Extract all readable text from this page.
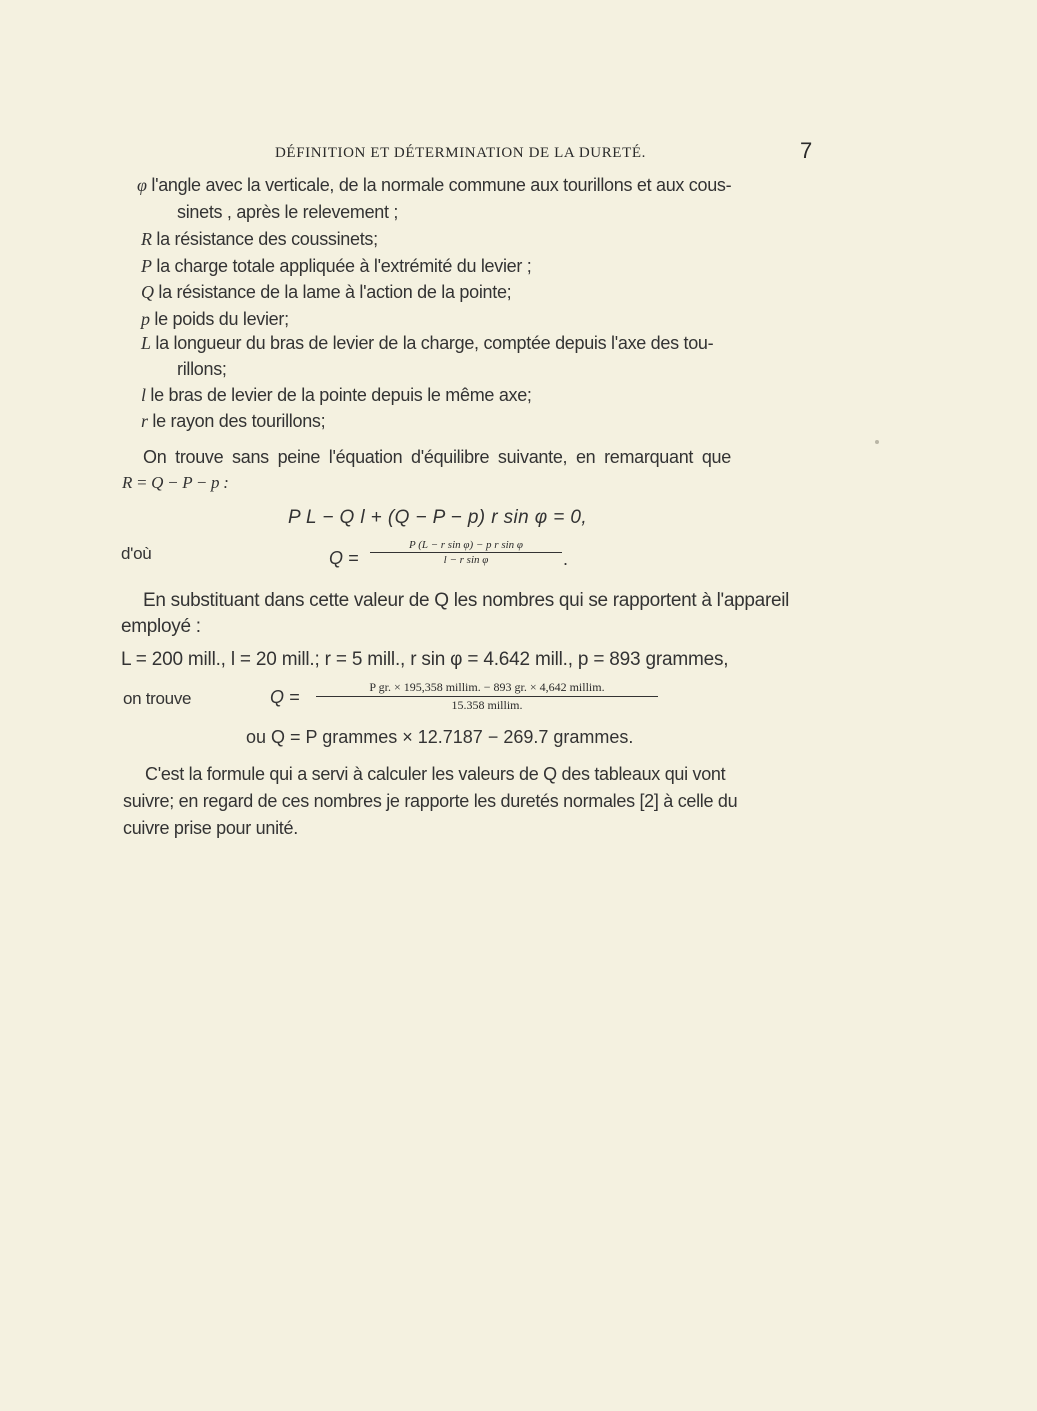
DÉFINITION ET DÉTERMINATION DE LA DURETÉ.	7
φ l'angle avec la verticale, de la normale commune aux tourillons et aux cous-
sinets , après le relevement ;
R la résistance des coussinets;
P la charge totale appliquée à l'extrémité du levier ;
Q la résistance de la lame à l'action de la pointe;
p le poids du levier;
L la longueur du bras de levier de la charge, comptée depuis l'axe des tou-
rillons;
l le bras de levier de la pointe depuis le même axe;
r le rayon des tourillons;
On trouve sans peine l'équation d'équilibre suivante, en remarquant que
R = Q − P − p :
P L − Q l + (Q − P − p) r sin φ = 0,
d'où	$Q = \frac{\text{P (L − r sin φ) − p r sin φ}}{\text{l − r sin φ}}$ .
En substituant dans cette valeur de Q les nombres qui se rapportent à l'appareil
employé :
L = 200 mill., l = 20 mill.; r = 5 mill., r sin φ = 4.642 mill., p = 893 grammes,
on trouve	Q =	P gr. × 195,358 millim. − 893 gr. × 4,642 millim.
15.358 millim.
ou Q = P grammes × 12.7187 − 269.7 grammes.
C'est la formule qui a servi à calculer les valeurs de Q des tableaux qui vont
suivre; en regard de ces nombres je rapporte les duretés normales [2] à celle du
cuivre prise pour unité.
